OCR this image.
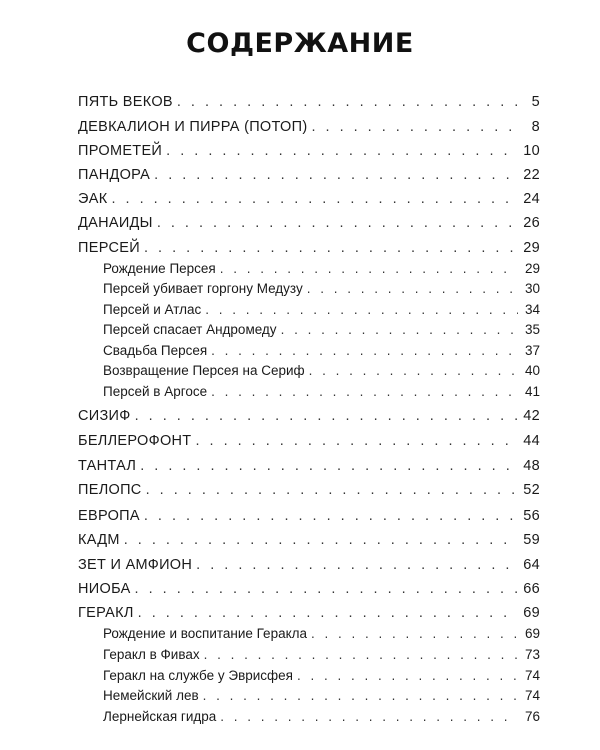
СОДЕРЖАНИЕ
ПЯТЬ ВЕКОВ . . .	5
ДЕВКАЛИОН И ПИРРА (ПОТОП) . . .	8
ПРОМЕТЕЙ . . .	10
ПАНДОРА . . .	22
ЭАК . . .	24
ДАНАИДЫ . . .	26
ПЕРСЕЙ . . .	29
Рождение Персея . . .	29
Персей убивает горгону Медузу . . .	30
Персей и Атлас . . .	34
Персей спасает Андромеду . . .	35
Свадьба Персея . . .	37
Возвращение Персея на Сериф . . .	40
Персей в Аргосе . . .	41
СИЗИФ . . .	42
БЕЛЛЕРОФОНТ . . .	44
ТАНТАЛ . . .	48
ПЕЛОПС . . .	52
ЕВРОПА . . .	56
КАДМ . . .	59
ЗЕТ И АМФИОН . . .	64
НИОБА . . .	66
ГЕРАКЛ . . .	69
Рождение и воспитание Геракла . . .	69
Геракл в Фивах . . .	73
Геракл на службе у Эврисфея . . .	74
Немейский лев . . .	74
Лернейская гидра . . .	76
